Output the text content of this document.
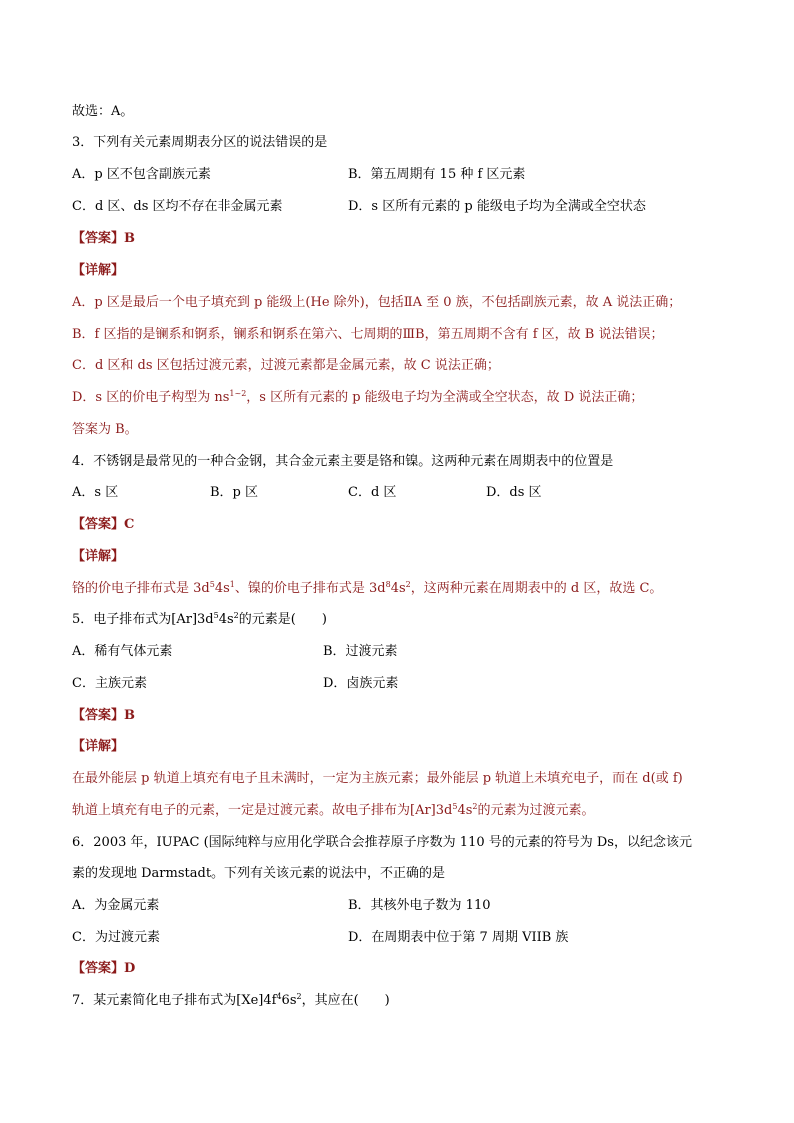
故选：A。
3．下列有关元素周期表分区的说法错误的是
A．p 区不包含副族元素	B．第五周期有 15 种 f 区元素
C．d 区、ds 区均不存在非金属元素	D．s 区所有元素的 p 能级电子均为全满或全空状态
【答案】B
【详解】
A．p 区是最后一个电子填充到 p 能级上(He 除外)，包括ⅡA 至 0 族，不包括副族元素，故 A 说法正确；
B．f 区指的是镧系和锕系，镧系和锕系在第六、七周期的ⅢB，第五周期不含有 f 区，故 B 说法错误；
C．d 区和 ds 区包括过渡元素，过渡元素都是金属元素，故 C 说法正确；
D．s 区的价电子构型为 $ns^{1\sim 2}$，s 区所有元素的 p 能级电子均为全满或全空状态，故 D 说法正确；
答案为 B。
4．不锈钢是最常见的一种合金钢，其合金元素主要是铬和镍。这两种元素在周期表中的位置是
A．s 区	B．p 区	C．d 区	D．ds 区
【答案】C
【详解】
铬的价电子排布式是 $3d^54s^1$、镍的价电子排布式是 $3d^84s^2$，这两种元素在周期表中的 d 区，故选 C。
5．电子排布式为$[Ar]3d^54s^2$的元素是(　　)
A．稀有气体元素	B．过渡元素
C．主族元素	D．卤族元素
【答案】B
【详解】
在最外能层 p 轨道上填充有电子且未满时，一定为主族元素；最外能层 p 轨道上未填充电子，而在 d(或 f)
轨道上填充有电子的元素，一定是过渡元素。故电子排布为$[Ar]3d^54s^2$的元素为过渡元素。
6．2003 年，IUPAC (国际纯粹与应用化学联合会推荐原子序数为 110 号的元素的符号为 Ds，以纪念该元
素的发现地 Darmstadt。下列有关该元素的说法中，不正确的是
A．为金属元素	B．其核外电子数为 110
C．为过渡元素	D．在周期表中位于第 7 周期 VIIB 族
【答案】D
7．某元素简化电子排布式为$[Xe]4f^46s^2$，其应在(　　)
